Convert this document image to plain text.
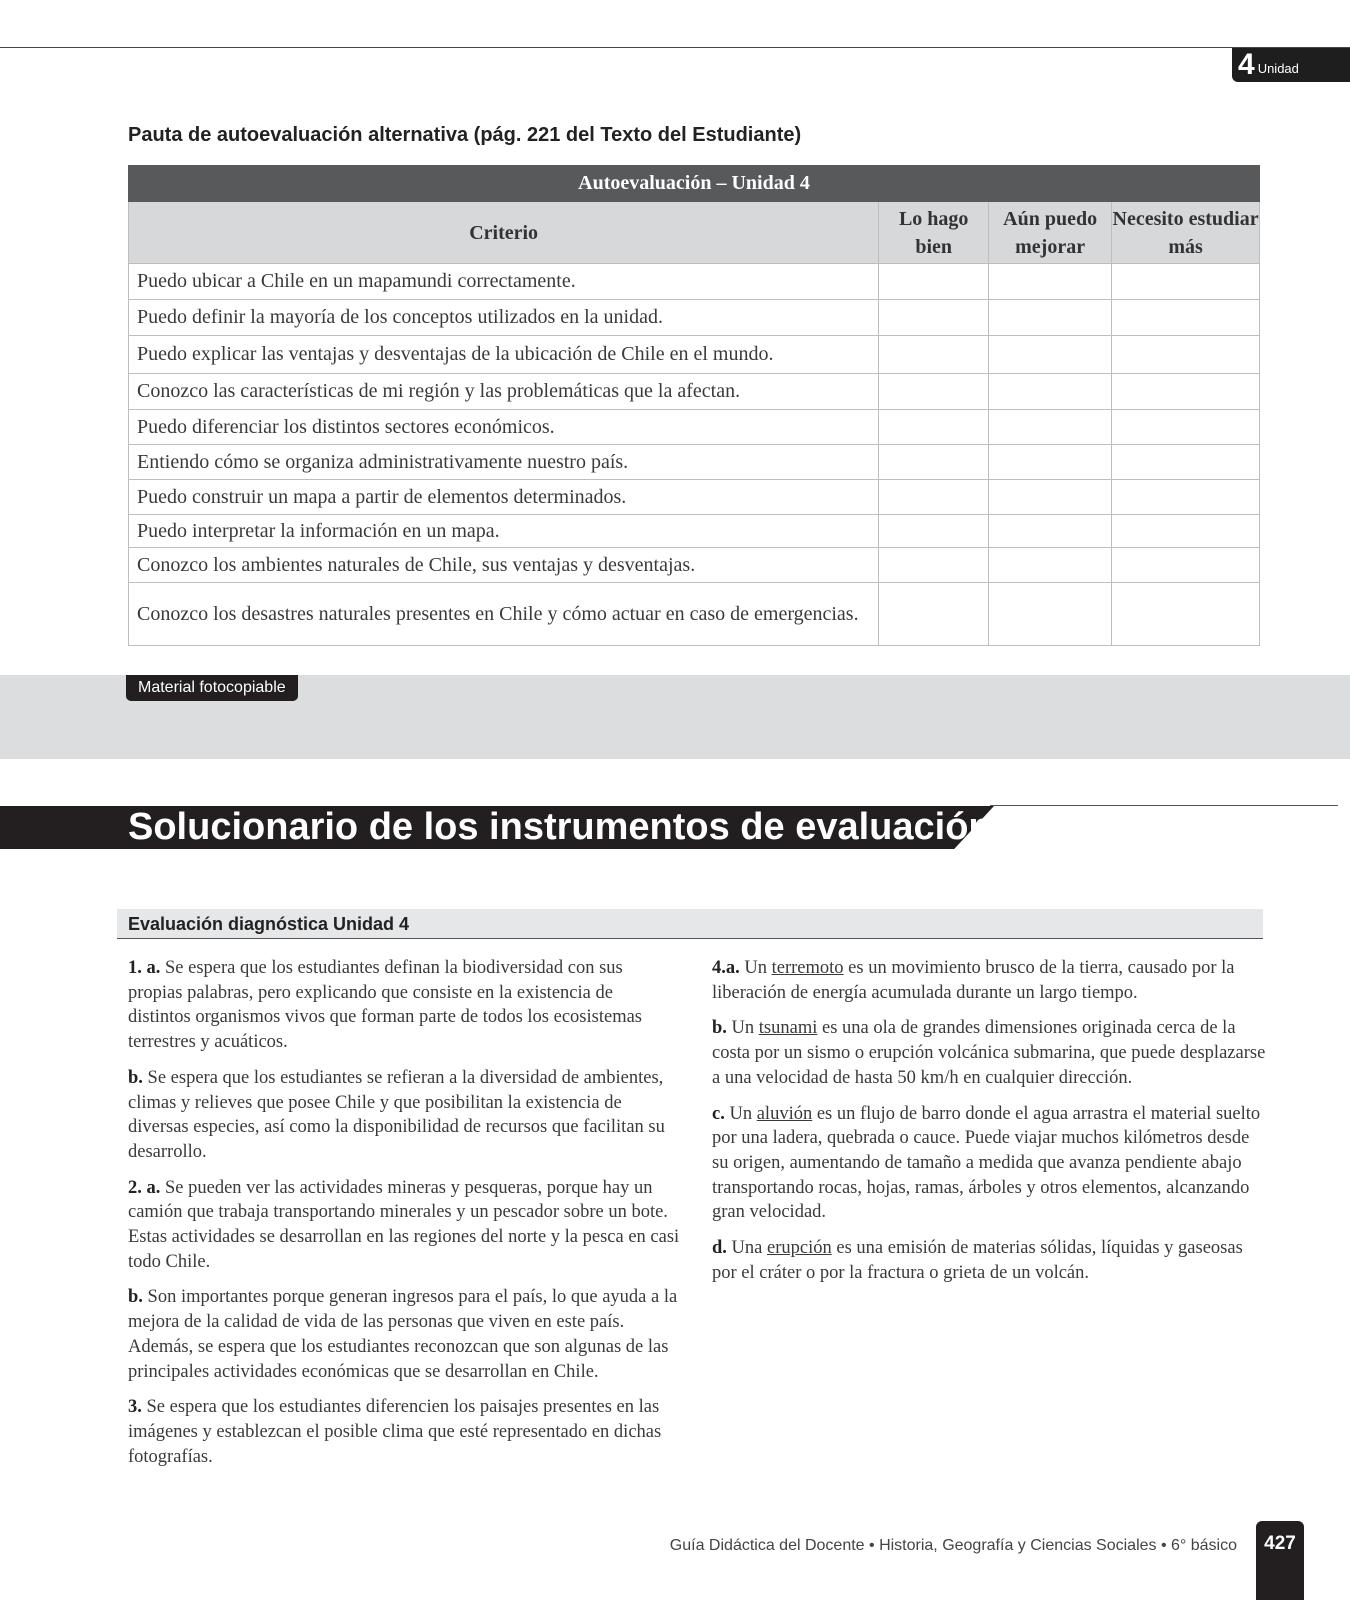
4 Unidad
Pauta de autoevaluación alternativa (pág. 221 del Texto del Estudiante)
Autoevaluación – Unidad 4			
Criterio	Lo hago bien	Aún puedo mejorar	Necesito estudiar más
Puedo ubicar a Chile en un mapamundi correctamente.			
Puedo definir la mayoría de los conceptos utilizados en la unidad.			
Puedo explicar las ventajas y desventajas de la ubicación de Chile en el mundo.			
Conozco las características de mi región y las problemáticas que la afectan.			
Puedo diferenciar los distintos sectores económicos.			
Entiendo cómo se organiza administrativamente nuestro país.			
Puedo construir un mapa a partir de elementos determinados.			
Puedo interpretar la información en un mapa.			
Conozco los ambientes naturales de Chile, sus ventajas y desventajas.			
Conozco los desastres naturales presentes en Chile y cómo actuar en caso de emergencias.			
Material fotocopiable
Solucionario de los instrumentos de evaluación
Evaluación diagnóstica Unidad 4

1. a. Se espera que los estudiantes definan la biodiversidad con sus propias palabras, pero explicando que consiste en la existencia de distintos organismos vivos que forman parte de todos los ecosistemas terrestres y acuáticos.

b. Se espera que los estudiantes se refieran a la diversidad de ambientes, climas y relieves que posee Chile y que posibilitan la existencia de diversas especies, así como la disponibilidad de recursos que facilitan su desarrollo.

2. a. Se pueden ver las actividades mineras y pesqueras, porque hay un camión que trabaja transportando minerales y un pescador sobre un bote. Estas actividades se desarrollan en las regiones del norte y la pesca en casi todo Chile.

b. Son importantes porque generan ingresos para el país, lo que ayuda a la mejora de la calidad de vida de las personas que viven en este país. Además, se espera que los estudiantes reconozcan que son algunas de las principales actividades económicas que se desarrollan en Chile.

3. Se espera que los estudiantes diferencien los paisajes presentes en las imágenes y establezcan el posible clima que esté representado en dichas fotografías.

4.a. Un terremoto es un movimiento brusco de la tierra, causado por la liberación de energía acumulada durante un largo tiempo.

b. Un tsunami es una ola de grandes dimensiones originada cerca de la costa por un sismo o erupción volcánica submarina, que puede desplazarse a una velocidad de hasta 50 km/h en cualquier dirección.

c. Un aluvión es un flujo de barro donde el agua arrastra el material suelto por una ladera, quebrada o cauce. Puede viajar muchos kilómetros desde su origen, aumentando de tamaño a medida que avanza pendiente abajo transportando rocas, hojas, ramas, árboles y otros elementos, alcanzando gran velocidad.

d. Una erupción es una emisión de materias sólidas, líquidas y gaseosas por el cráter o por la fractura o grieta de un volcán.

Guía Didáctica del Docente • Historia, Geografía y Ciencias Sociales • 6° básico	427
